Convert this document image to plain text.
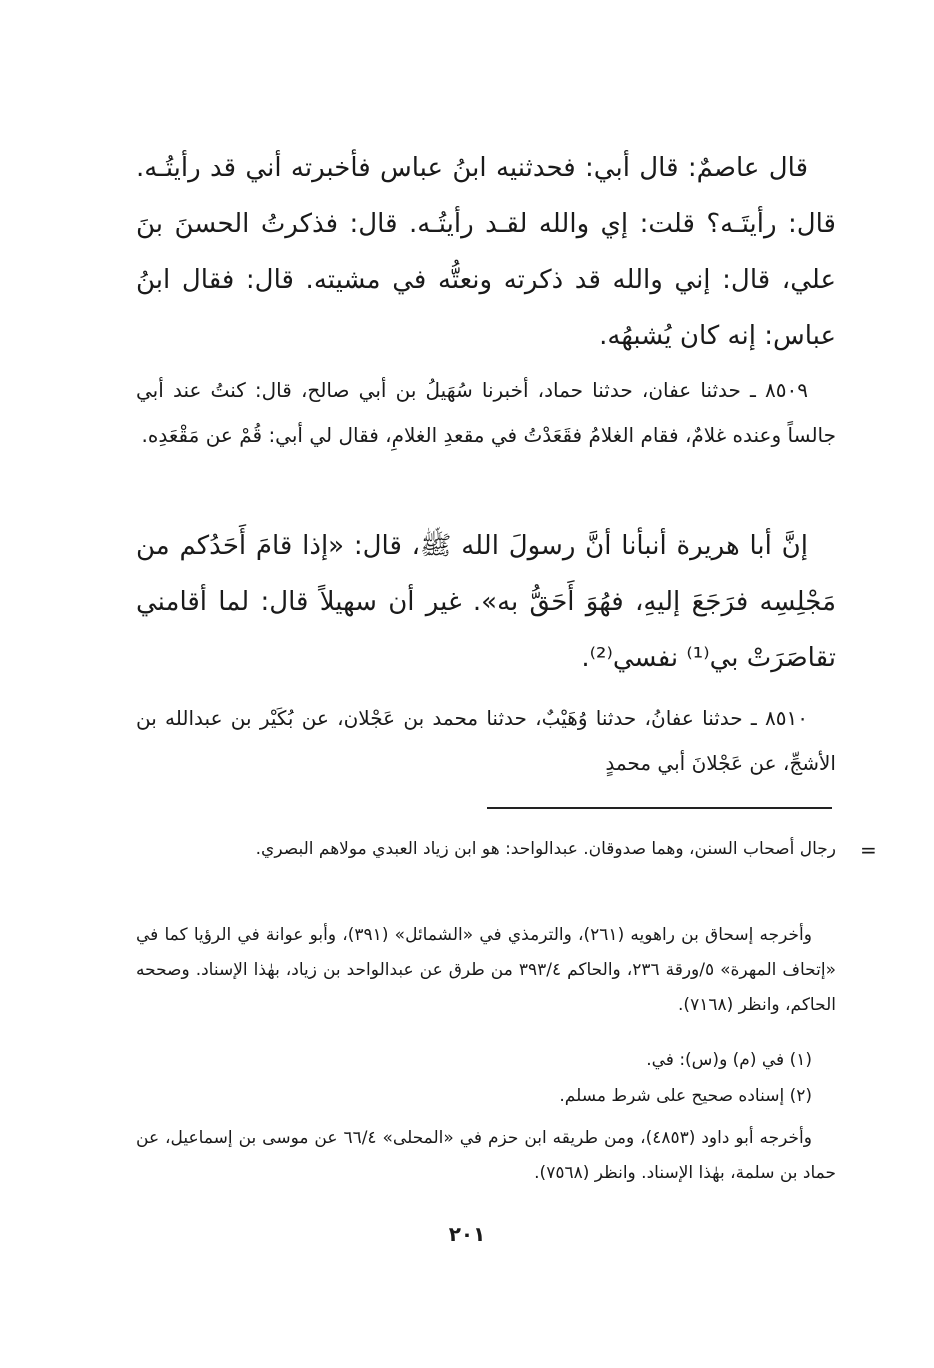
قال عاصمٌ: قال أبي: فحدثنيه ابنُ عباس فأخبرته أني قد رأيتُـه. قال: رأيتَـه؟ قلت: إي والله لقـد رأيتُـه. قال: فذكرتُ الحسنَ بنَ علي، قال: إني والله قد ذكرته ونعتُّه في مشيته. قال: فقال ابنُ عباس: إنه كان يُشبهُه.

٨٥٠٩ ـ حدثنا عفان، حدثنا حماد، أخبرنا سُهَيلُ بن أبي صالح، قال: كنتُ عند أبي جالساً وعنده غلامٌ، فقام الغلامُ فقَعَدْتُ في مقعدِ الغلامِ، فقال لي أبي: قُمْ عن مَقْعَدِه.

إنَّ أبا هريرة أنبأنا أنَّ رسولَ الله ﷺ، قال: «إذا قامَ أَحَدُكم من مَجْلِسِه فرَجَعَ إليهِ، فهُوَ أَحَقُّ به». غير أن سهيلاً قال: لما أقامني تقاصَرَتْ بي⁽¹⁾ نفسي⁽²⁾.

٨٥١٠ ـ حدثنا عفانُ، حدثنا وُهَيْبٌ، حدثنا محمد بن عَجْلان، عن بُكَيْر بن عبدالله بن الأشجِّ، عن عَجْلانَ أبي محمدٍ

=

رجال أصحاب السنن، وهما صدوقان. عبدالواحد: هو ابن زياد العبدي مولاهم البصري.

وأخرجه إسحاق بن راهويه (٢٦١)، والترمذي في «الشمائل» (٣٩١)، وأبو عوانة في الرؤيا كما في «إتحاف المهرة» ٥/ورقة ٢٣٦، والحاكم ٣٩٣/٤ من طرق عن عبدالواحد بن زياد، بهٰذا الإسناد. وصححه الحاكم، وانظر (٧١٦٨).

(١) في (م) و(س): في.

(٢) إسناده صحيح على شرط مسلم.

وأخرجه أبو داود (٤٨٥٣)، ومن طريقه ابن حزم في «المحلى» ٦٦/٤ عن موسى بن إسماعيل، عن حماد بن سلمة، بهٰذا الإسناد. وانظر (٧٥٦٨).

٢٠١
